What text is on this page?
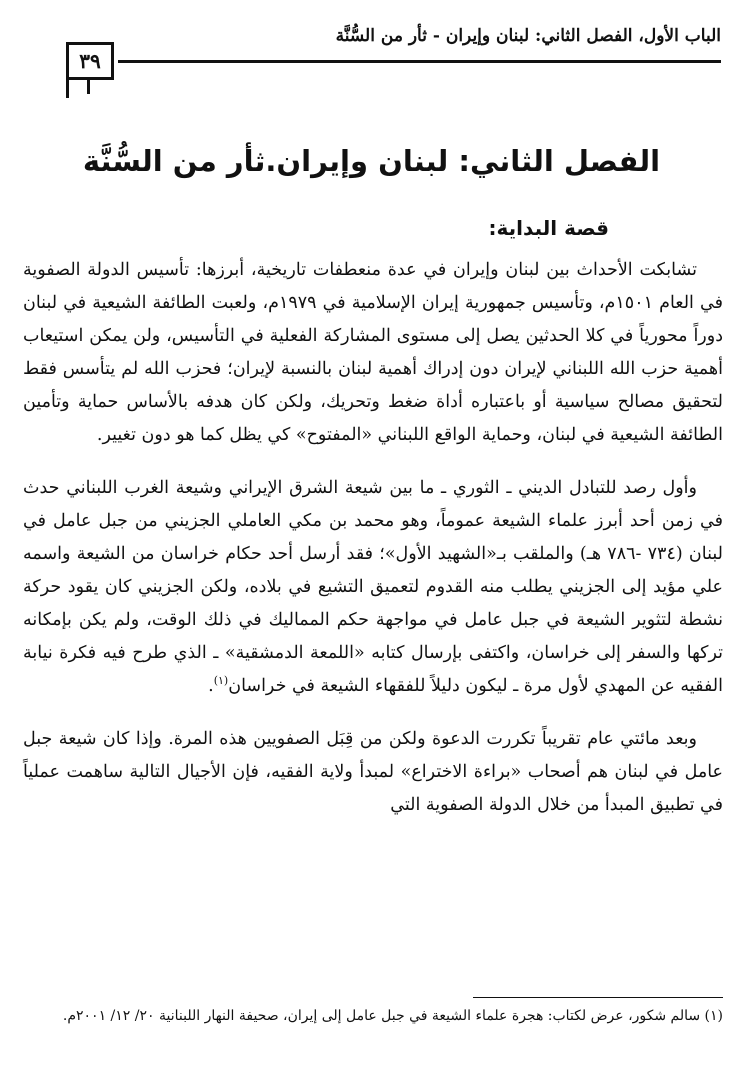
الباب الأول، الفصل الثاني: لبنان وإيران - ثأر من السُّنَّة
٣٩
الفصل الثاني: لبنان وإيران.ثأر من السُّنَّة
قصة البداية:

تشابكت الأحداث بين لبنان وإيران في عدة منعطفات تاريخية، أبرزها: تأسيس الدولة الصفوية في العام ١٥٠١م، وتأسيس جمهورية إيران الإسلامية في ١٩٧٩م، ولعبت الطائفة الشيعية في لبنان دوراً محورياً في كلا الحدثين يصل إلى مستوى المشاركة الفعلية في التأسيس، ولن يمكن استيعاب أهمية حزب الله اللبناني لإيران دون إدراك أهمية لبنان بالنسبة لإيران؛ فحزب الله لم يتأسس فقط لتحقيق مصالح سياسية أو باعتباره أداة ضغط وتحريك، ولكن كان هدفه بالأساس حماية وتأمين الطائفة الشيعية في لبنان، وحماية الواقع اللبناني «المفتوح» كي يظل كما هو دون تغيير.

وأول رصد للتبادل الديني ـ الثوري ـ ما بين شيعة الشرق الإيراني وشيعة الغرب اللبناني حدث في زمن أحد أبرز علماء الشيعة عموماً، وهو محمد بن مكي العاملي الجزيني من جبل عامل في لبنان (٧٣٤ -٧٨٦ هـ) والملقب بـ«الشهيد الأول»؛ فقد أرسل أحد حكام خراسان من الشيعة واسمه علي مؤيد إلى الجزيني يطلب منه القدوم لتعميق التشيع في بلاده، ولكن الجزيني كان يقود حركة نشطة لتثوير الشيعة في جبل عامل في مواجهة حكم المماليك في ذلك الوقت، ولم يكن بإمكانه تركها والسفر إلى خراسان، واكتفى بإرسال كتابه «اللمعة الدمشقية» ـ الذي طرح فيه فكرة نيابة الفقيه عن المهدي لأول مرة ـ ليكون دليلاً للفقهاء الشيعة في خراسان$^{(١)}$.

وبعد مائتي عام تقريباً تكررت الدعوة ولكن من قِبَل الصفويين هذه المرة. وإذا كان شيعة جبل عامل في لبنان هم أصحاب «براءة الاختراع» لمبدأ ولاية الفقيه، فإن الأجيال التالية ساهمت عملياً في تطبيق المبدأ من خلال الدولة الصفوية التي

(١) سالم شكور، عرض لكتاب: هجرة علماء الشيعة في جبل عامل إلى إيران، صحيفة النهار اللبنانية ٢٠/ ١٢/ ٢٠٠١م.
